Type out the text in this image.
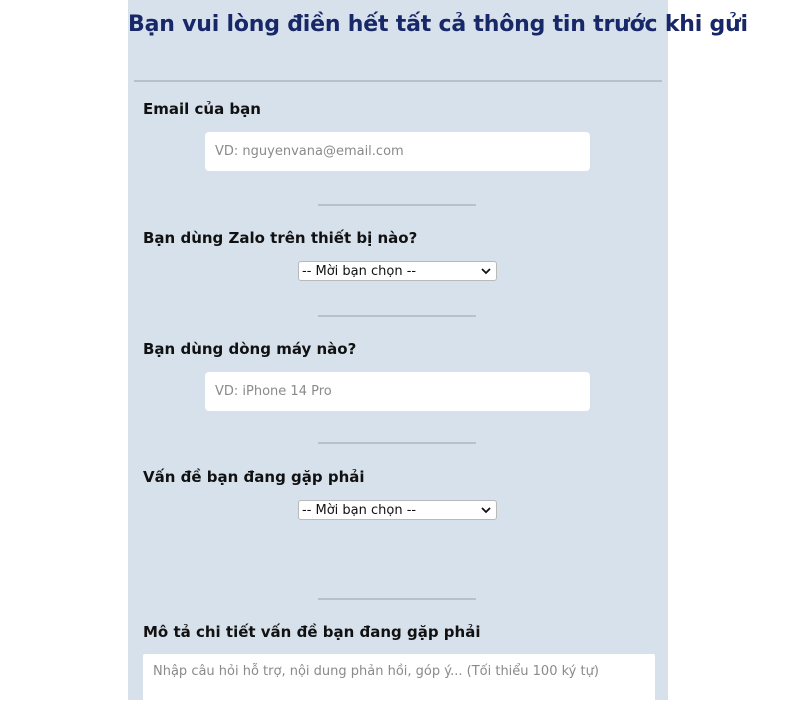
Bạn vui lòng điền hết tất cả thông tin trước khi gửi
Email của bạn
VD: nguyenvana@email.com
Bạn dùng Zalo trên thiết bị nào?
-- Mời bạn chọn --
Bạn dùng dòng máy nào?
VD: iPhone 14 Pro
Vấn đề bạn đang gặp phải
-- Mời bạn chọn --
Mô tả chi tiết vấn đề bạn đang gặp phải
Nhập câu hỏi hỗ trợ, nội dung phản hồi, góp ý... (Tối thiểu 100 ký tự)
